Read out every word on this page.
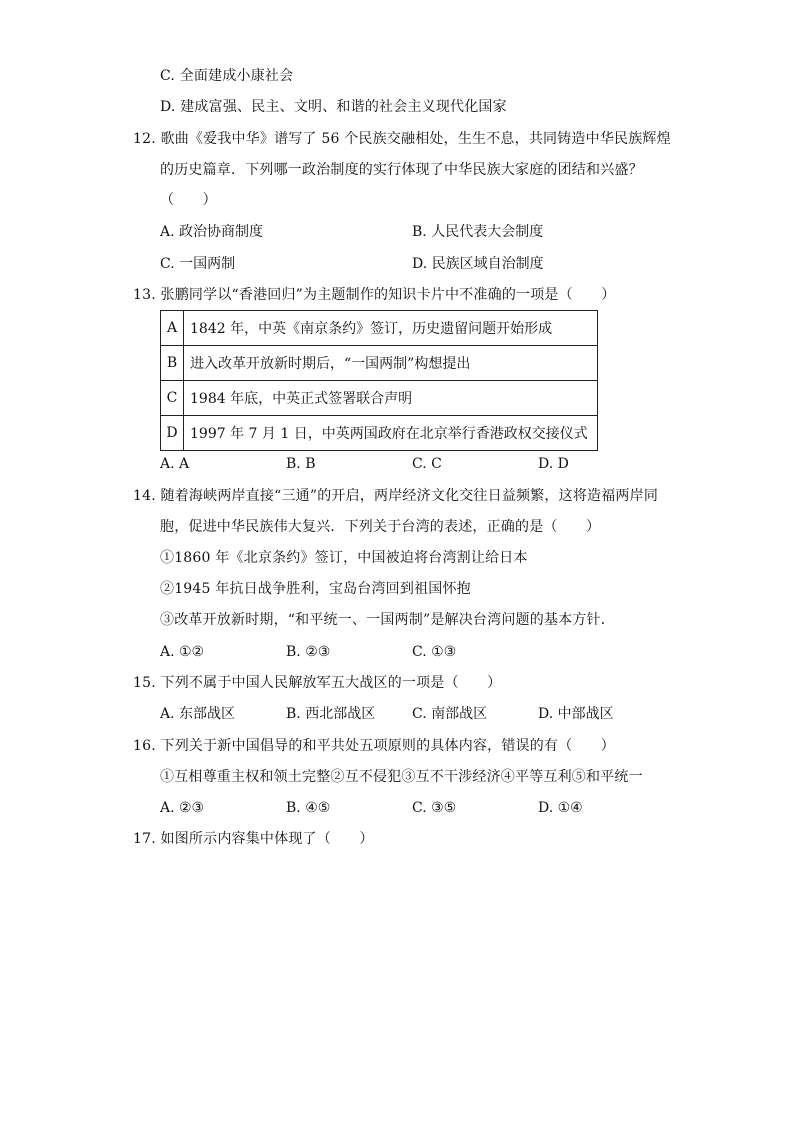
C. 全面建成小康社会
D. 建成富强、民主、文明、和谐的社会主义现代化国家
12. 歌曲《爱我中华》谱写了 56 个民族交融相处，生生不息，共同铸造中华民族辉煌
的历史篇章．下列哪一政治制度的实行体现了中华民族大家庭的团结和兴盛？
（　　）
A. 政治协商制度	B. 人民代表大会制度
C. 一国两制	D. 民族区域自治制度
13. 张鹏同学以“香港回归”为主题制作的知识卡片中不准确的一项是（　　）
A	1842 年，中英《南京条约》签订，历史遗留问题开始形成
B	进入改革开放新时期后，“一国两制”构想提出
C	1984 年底，中英正式签署联合声明
D	1997 年 7 月 1 日，中英两国政府在北京举行香港政权交接仪式
A. A	B. B	C. C	D. D
14. 随着海峡两岸直接“三通”的开启，两岸经济文化交往日益频繁，这将造福两岸同
胞，促进中华民族伟大复兴．下列关于台湾的表述，正确的是（　　）
①1860 年《北京条约》签订，中国被迫将台湾割让给日本
②1945 年抗日战争胜利，宝岛台湾回到祖国怀抱
③改革开放新时期，“和平统一、一国两制”是解决台湾问题的基本方针．
A. ①②	B. ②③	C. ①③
15. 下列不属于中国人民解放军五大战区的一项是（　　）
A. 东部战区	B. 西北部战区	C. 南部战区	D. 中部战区
16. 下列关于新中国倡导的和平共处五项原则的具体内容，错误的有（　　）
①互相尊重主权和领土完整②互不侵犯③互不干涉经济④平等互利⑤和平统一
A. ②③	B. ④⑤	C. ③⑤	D. ①④
17. 如图所示内容集中体现了（　　）
